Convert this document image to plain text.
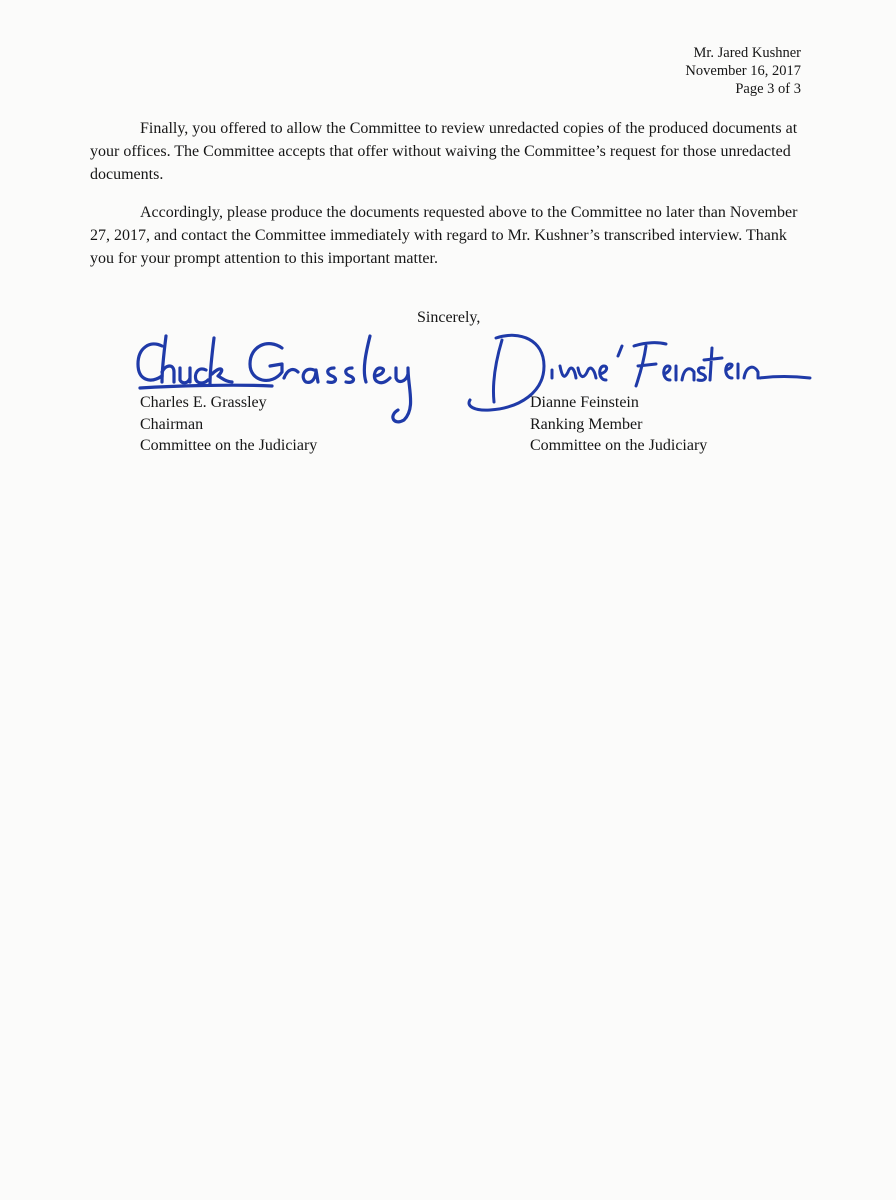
Mr. Jared Kushner
November 16, 2017
Page 3 of 3

Finally, you offered to allow the Committee to review unredacted copies of the produced documents at your offices. The Committee accepts that offer without waiving the Committee’s request for those unredacted documents.

Accordingly, please produce the documents requested above to the Committee no later than November 27, 2017, and contact the Committee immediately with regard to Mr. Kushner’s transcribed interview. Thank you for your prompt attention to this important matter.

Sincerely,
Charles E. Grassley
Chairman
Committee on the Judiciary
Dianne Feinstein
Ranking Member
Committee on the Judiciary
